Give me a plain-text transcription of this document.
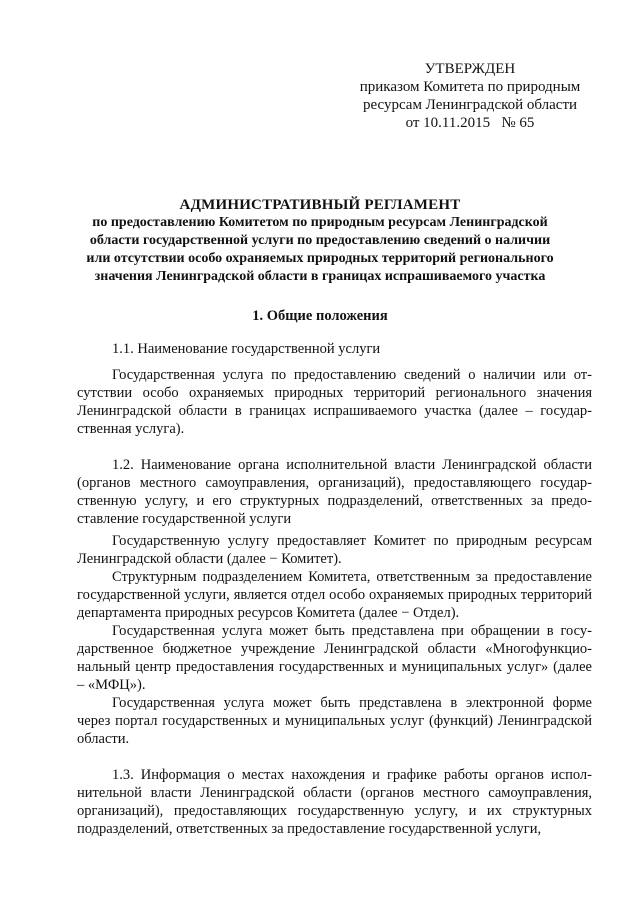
УТВЕРЖДЕН
приказом Комитета по природным
ресурсам Ленинградской области
от 10.11.2015   № 65
АДМИНИСТРАТИВНЫЙ РЕГЛАМЕНТ
по предоставлению Комитетом по природным ресурсам Ленинградской
области государственной услуги по предоставлению сведений о наличии
или отсутствии особо охраняемых природных территорий регионального
значения Ленинградской области в границах испрашиваемого участка
1. Общие положения

1.1. Наименование государственной услуги

Государственная услуга по предоставлению сведений о наличии или отсутствии особо охраняемых природных территорий регионального значения Ленинградской области в границах испрашиваемого участка (далее – государственная услуга).

1.2. Наименование органа исполнительной власти Ленинградской области (органов местного самоуправления, организаций), предоставляющего государственную услугу, и его структурных подразделений, ответственных за предоставление государственной услуги

Государственную услугу предоставляет Комитет по природным ресурсам Ленинградской области (далее − Комитет).

Структурным подразделением Комитета, ответственным за предоставление государственной услуги, является отдел особо охраняемых природных территорий департамента природных ресурсов Комитета (далее − Отдел).

Государственная услуга может быть представлена при обращении в государственное бюджетное учреждение Ленинградской области «Многофункциональный центр предоставления государственных и муниципальных услуг» (далее – «МФЦ»).

Государственная услуга может быть представлена в электронной форме через портал государственных и муниципальных услуг (функций) Ленинградской области.

1.3. Информация о местах нахождения и графике работы органов исполнительной власти Ленинградской области (органов местного самоуправления, организаций), предоставляющих государственную услугу, и их структурных подразделений, ответственных за предоставление государственной услуги,
